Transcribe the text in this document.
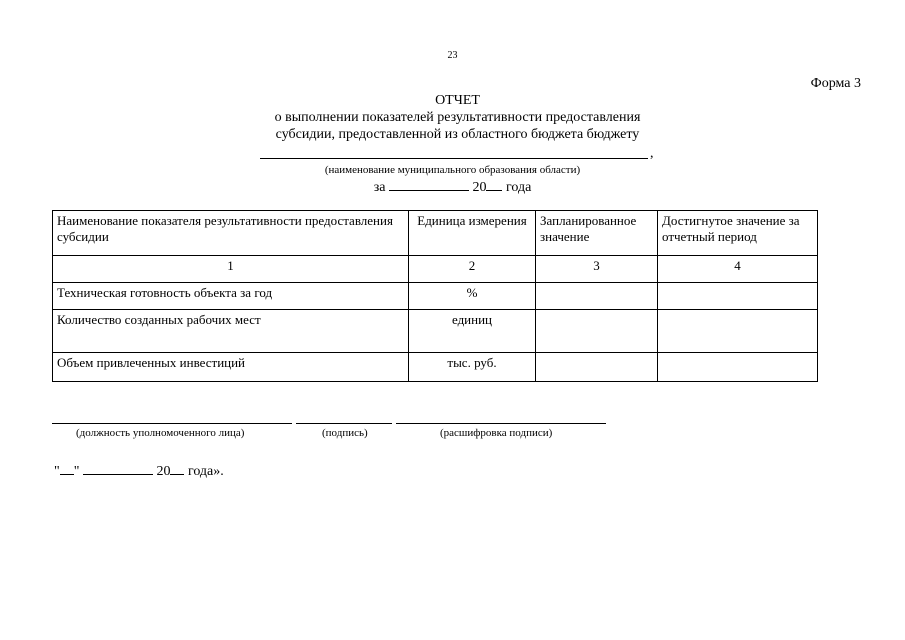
23
Форма 3
ОТЧЕТ
о выполнении показателей результативности предоставления
субсидии, предоставленной из областного бюджета бюджету
,
(наименование муниципального образования области)
за	20 года
Наименование показателя результативности предоставления субсидии	Единица измерения	Запланированное значение	Достигнутое значение за отчетный период
1	2	3	4
Техническая готовность объекта за год	%		
Количество созданных рабочих мест	единиц		
Объем привлеченных инвестиций	тыс. руб.		
(должность уполномоченного лица)	(подпись)	(расшифровка подписи)
" "	20 года».
